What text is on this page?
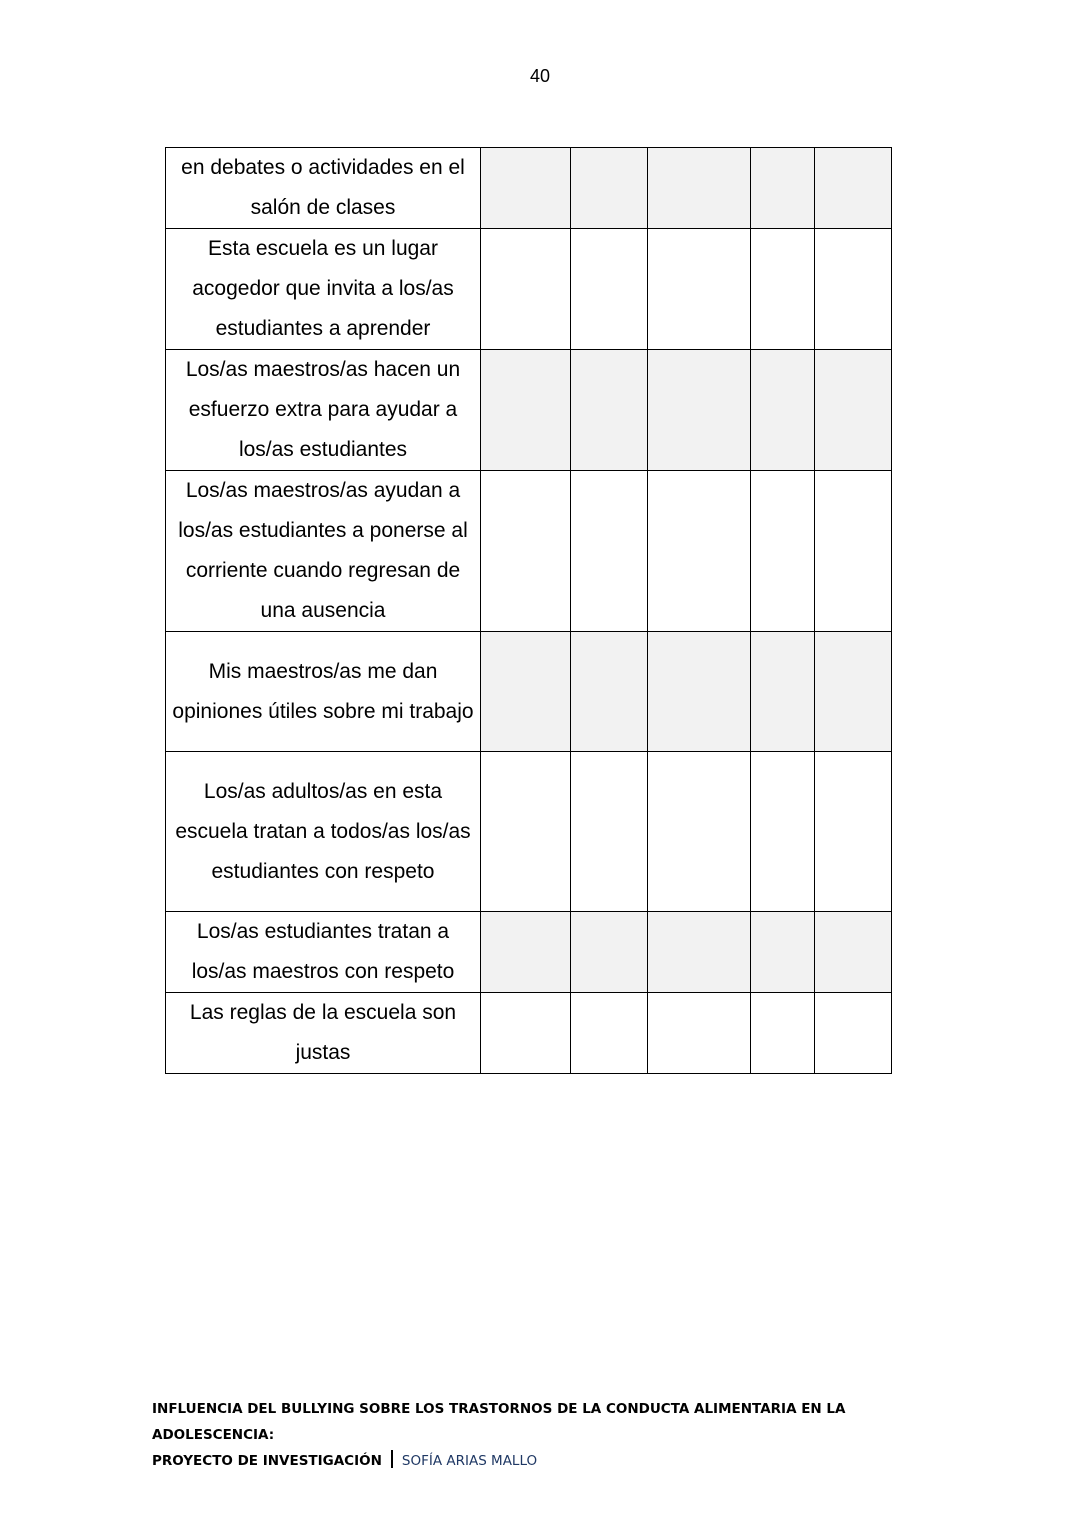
40
en debates o actividades en el salón de clases					
Esta escuela es un lugar acogedor que invita a los/as estudiantes a aprender					
Los/as maestros/as hacen un esfuerzo extra para ayudar a los/as estudiantes					
Los/as maestros/as ayudan a los/as estudiantes a ponerse al corriente cuando regresan de una ausencia					
Mis maestros/as me dan opiniones útiles sobre mi trabajo					
Los/as adultos/as en esta escuela tratan a todos/as los/as estudiantes con respeto					
Los/as estudiantes tratan a los/as maestros con respeto					
Las reglas de la escuela son justas					
INFLUENCIA DEL BULLYING SOBRE LOS TRASTORNOS DE LA CONDUCTA ALIMENTARIA EN LA ADOLESCENCIA:
PROYECTO DE INVESTIGACIÓN SOFÍA ARIAS MALLO
